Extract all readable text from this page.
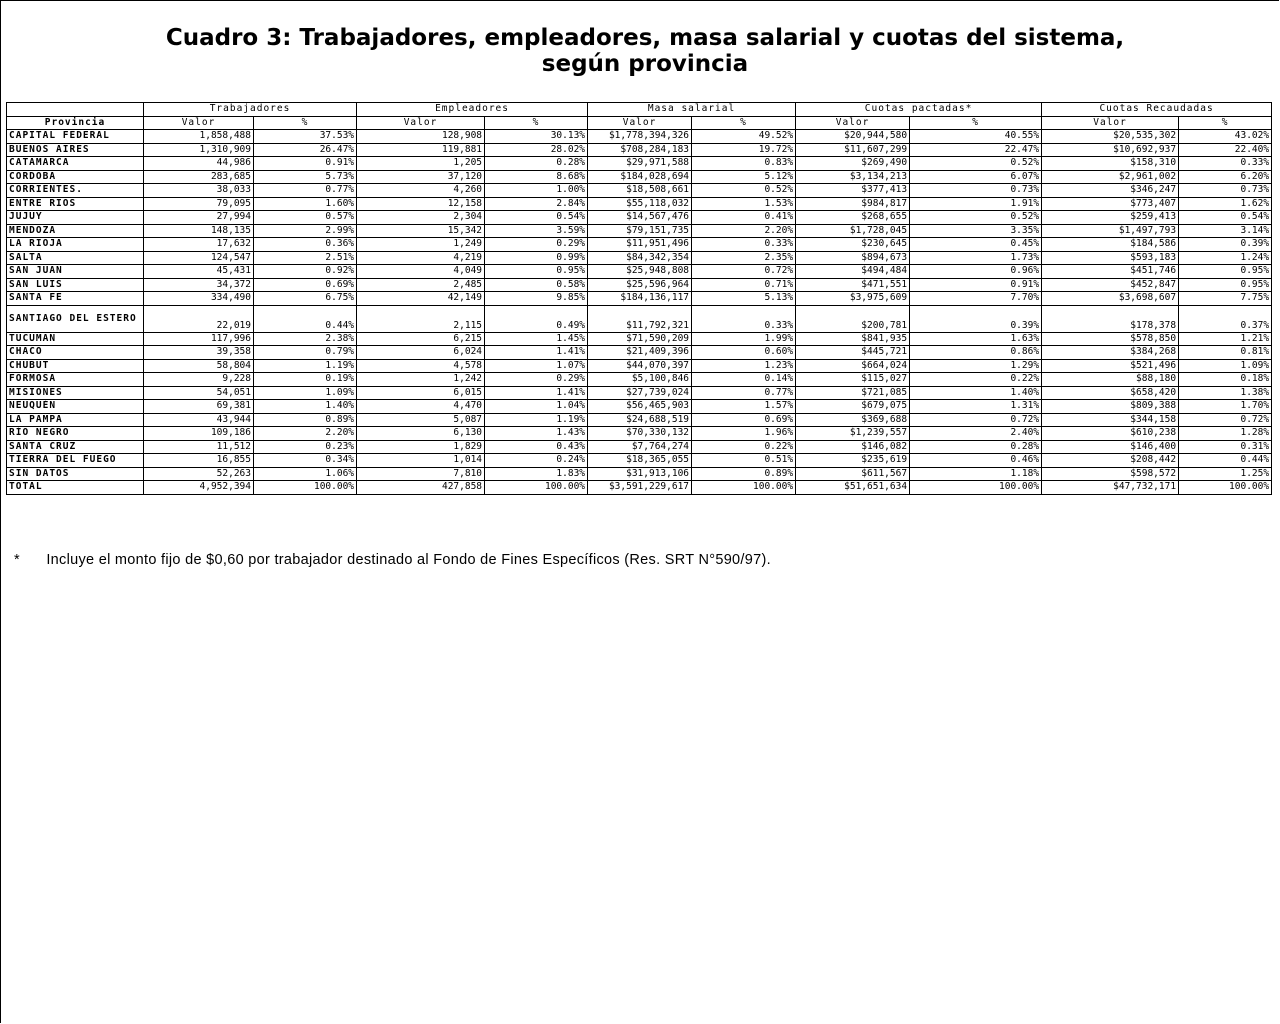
Cuadro 3: Trabajadores, empleadores, masa salarial y cuotas del sistema,
según provincia
	Trabajadores		Empleadores		Masa salarial		Cuotas pactadas*		Cuotas Recaudadas	
Provincia	Valor	%	Valor	%	Valor	%	Valor	%	Valor	%
CAPITAL FEDERAL	1,858,488	37.53%	128,908	30.13%	$1,778,394,326	49.52%	$20,944,580	40.55%	$20,535,302	43.02%
BUENOS AIRES	1,310,909	26.47%	119,881	28.02%	$708,284,183	19.72%	$11,607,299	22.47%	$10,692,937	22.40%
CATAMARCA	44,986	0.91%	1,205	0.28%	$29,971,588	0.83%	$269,490	0.52%	$158,310	0.33%
CÓRDOBA	283,685	5.73%	37,120	8.68%	$184,028,694	5.12%	$3,134,213	6.07%	$2,961,002	6.20%
CORRIENTES.	38,033	0.77%	4,260	1.00%	$18,508,661	0.52%	$377,413	0.73%	$346,247	0.73%
ENTRE RIOS	79,095	1.60%	12,158	2.84%	$55,118,032	1.53%	$984,817	1.91%	$773,407	1.62%
JUJUY	27,994	0.57%	2,304	0.54%	$14,567,476	0.41%	$268,655	0.52%	$259,413	0.54%
MENDOZA	148,135	2.99%	15,342	3.59%	$79,151,735	2.20%	$1,728,045	3.35%	$1,497,793	3.14%
LA RIOJA	17,632	0.36%	1,249	0.29%	$11,951,496	0.33%	$230,645	0.45%	$184,586	0.39%
SALTA	124,547	2.51%	4,219	0.99%	$84,342,354	2.35%	$894,673	1.73%	$593,183	1.24%
SAN JUAN	45,431	0.92%	4,049	0.95%	$25,948,808	0.72%	$494,484	0.96%	$451,746	0.95%
SAN LUIS	34,372	0.69%	2,485	0.58%	$25,596,964	0.71%	$471,551	0.91%	$452,847	0.95%
SANTA FE	334,490	6.75%	42,149	9.85%	$184,136,117	5.13%	$3,975,609	7.70%	$3,698,607	7.75%
SANTIAGO DEL ESTERO	22,019	0.44%	2,115	0.49%	$11,792,321	0.33%	$200,781	0.39%	$178,378	0.37%
TUCUMAN	117,996	2.38%	6,215	1.45%	$71,590,209	1.99%	$841,935	1.63%	$578,850	1.21%
CHACO	39,358	0.79%	6,024	1.41%	$21,409,396	0.60%	$445,721	0.86%	$384,268	0.81%
CHUBUT	58,804	1.19%	4,578	1.07%	$44,070,397	1.23%	$664,024	1.29%	$521,496	1.09%
FORMOSA	9,228	0.19%	1,242	0.29%	$5,100,846	0.14%	$115,027	0.22%	$88,180	0.18%
MISIONES	54,051	1.09%	6,015	1.41%	$27,739,024	0.77%	$721,085	1.40%	$658,420	1.38%
NEUQUÉN	69,381	1.40%	4,470	1.04%	$56,465,903	1.57%	$679,075	1.31%	$809,388	1.70%
LA PAMPA	43,944	0.89%	5,087	1.19%	$24,688,519	0.69%	$369,688	0.72%	$344,158	0.72%
RÍO NEGRO	109,186	2.20%	6,130	1.43%	$70,330,132	1.96%	$1,239,557	2.40%	$610,238	1.28%
SANTA CRUZ	11,512	0.23%	1,829	0.43%	$7,764,274	0.22%	$146,082	0.28%	$146,400	0.31%
TIERRA DEL FUEGO	16,855	0.34%	1,014	0.24%	$18,365,055	0.51%	$235,619	0.46%	$208,442	0.44%
SIN DATOS	52,263	1.06%	7,810	1.83%	$31,913,106	0.89%	$611,567	1.18%	$598,572	1.25%
TOTAL	4,952,394	100.00%	427,858	100.00%	$3,591,229,617	100.00%	$51,651,634	100.00%	$47,732,171	100.00%
* Incluye el monto fijo de $0,60 por trabajador destinado al Fondo de Fines Específicos (Res. SRT N°590/97).
